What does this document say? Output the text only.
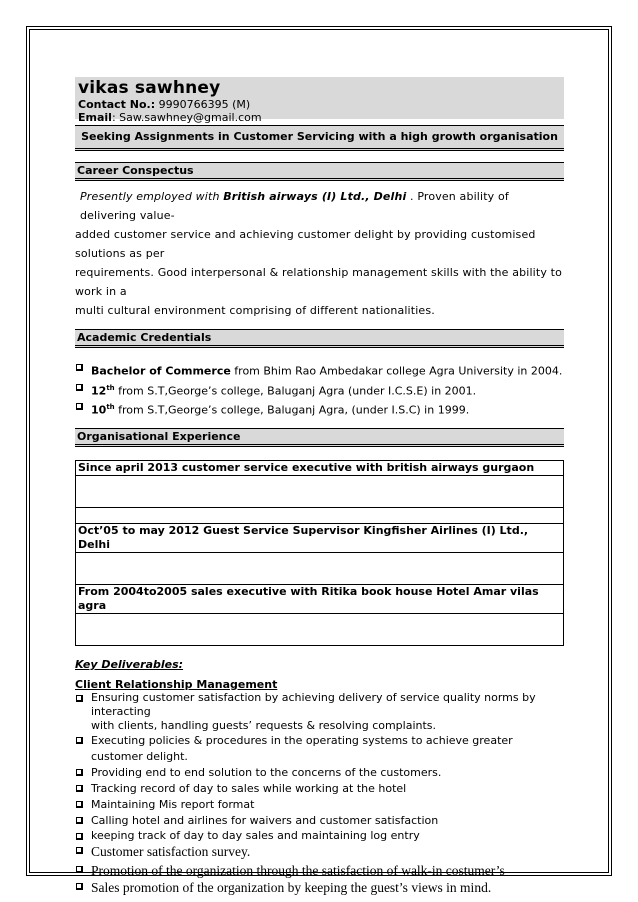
vikas sawhney
Contact No.: 9990766395 (M)
Email: Saw.sawhney@gmail.com
Seeking Assignments in Customer Servicing with a high growth organisation
Career Conspectus
Presently employed with British airways (I) Ltd., Delhi . Proven ability of delivering value-
added customer service and achieving customer delight by providing customised solutions as per
requirements. Good interpersonal & relationship management skills with the ability to work in a
multi cultural environment comprising of different nationalities.
Academic Credentials
Bachelor of Commerce from Bhim Rao Ambedakar college Agra University in 2004.
12th from S.T,George’s college, Baluganj Agra (under I.C.S.E) in 2001.
10th from S.T,George’s college, Baluganj Agra, (under I.S.C) in 1999.
Organisational Experience
Since april 2013 customer service executive with british airways gurgaon
Oct’05 to may 2012 Guest Service Supervisor Kingfisher Airlines (I) Ltd., Delhi
From 2004to2005 sales executive with Ritika book house Hotel Amar vilas agra
Key Deliverables:
Client Relationship Management
Ensuring customer satisfaction by achieving delivery of service quality norms by interacting
with clients, handling guests’ requests & resolving complaints.
Executing policies & procedures in the operating systems to achieve greater customer delight.
Providing end to end solution to the concerns of the customers.
Tracking record of day to sales while working at the hotel
Maintaining Mis report format
Calling hotel and airlines for waivers and customer satisfaction
keeping track of day to day sales and maintaining log entry
Customer satisfaction survey.
Promotion of the organization through the satisfaction of walk-in costumer’s
Sales promotion of the organization by keeping the guest’s views in mind.
